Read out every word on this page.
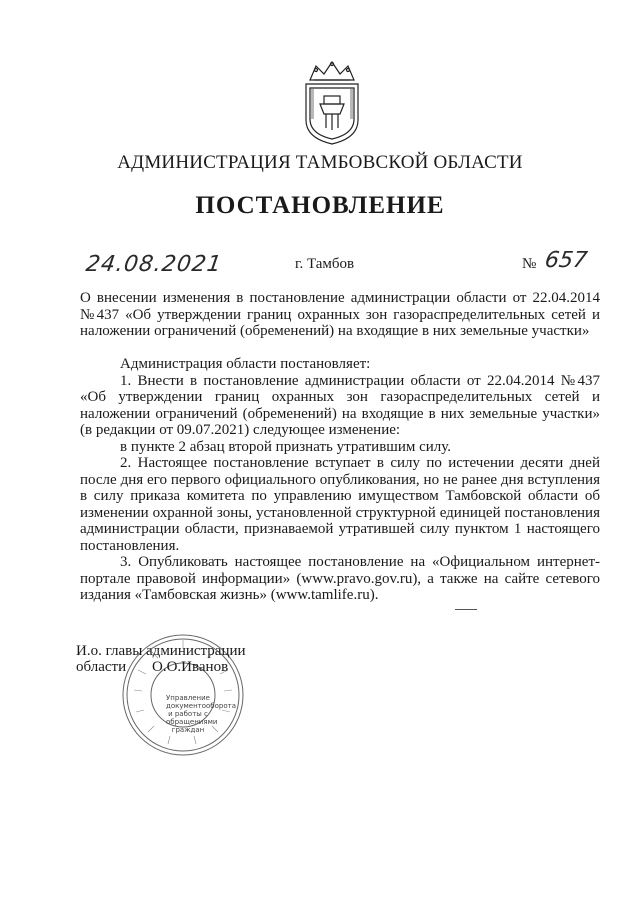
АДМИНИСТРАЦИЯ ТАМБОВСКОЙ ОБЛАСТИ
ПОСТАНОВЛЕНИЕ
24.08.2021	г. Тамбов	№ 657
О внесении изменения в постановление администрации области от 22.04.2014 №437 «Об утверждении границ охранных зон газораспределительных сетей и наложении ограничений (обременений) на входящие в них земельные участки»

Администрация области постановляет:

1. Внести в постановление администрации области от 22.04.2014 №437 «Об утверждении границ охранных зон газораспределительных сетей и наложении ограничений (обременений) на входящие в них земельные участки» (в редакции от 09.07.2021) следующее изменение:

в пункте 2 абзац второй признать утратившим силу.

2. Настоящее постановление вступает в силу по истечении десяти дней после дня его первого официального опубликования, но не ранее дня вступления в силу приказа комитета по управлению имуществом Тамбовской области об изменении охранной зоны, установленной структурной единицей постановления администрации области, признаваемой утратившей силу пунктом 1 настоящего постановления.

3. Опубликовать настоящее постановление на «Официальном интернет-портале правовой информации» (www.pravo.gov.ru), а также на сайте сетевого издания «Тамбовская жизнь» (www.tamlife.ru).

Управление документооборота и работы с обращениями граждан
И.о. главы администрации
области	О.О.Иванов
